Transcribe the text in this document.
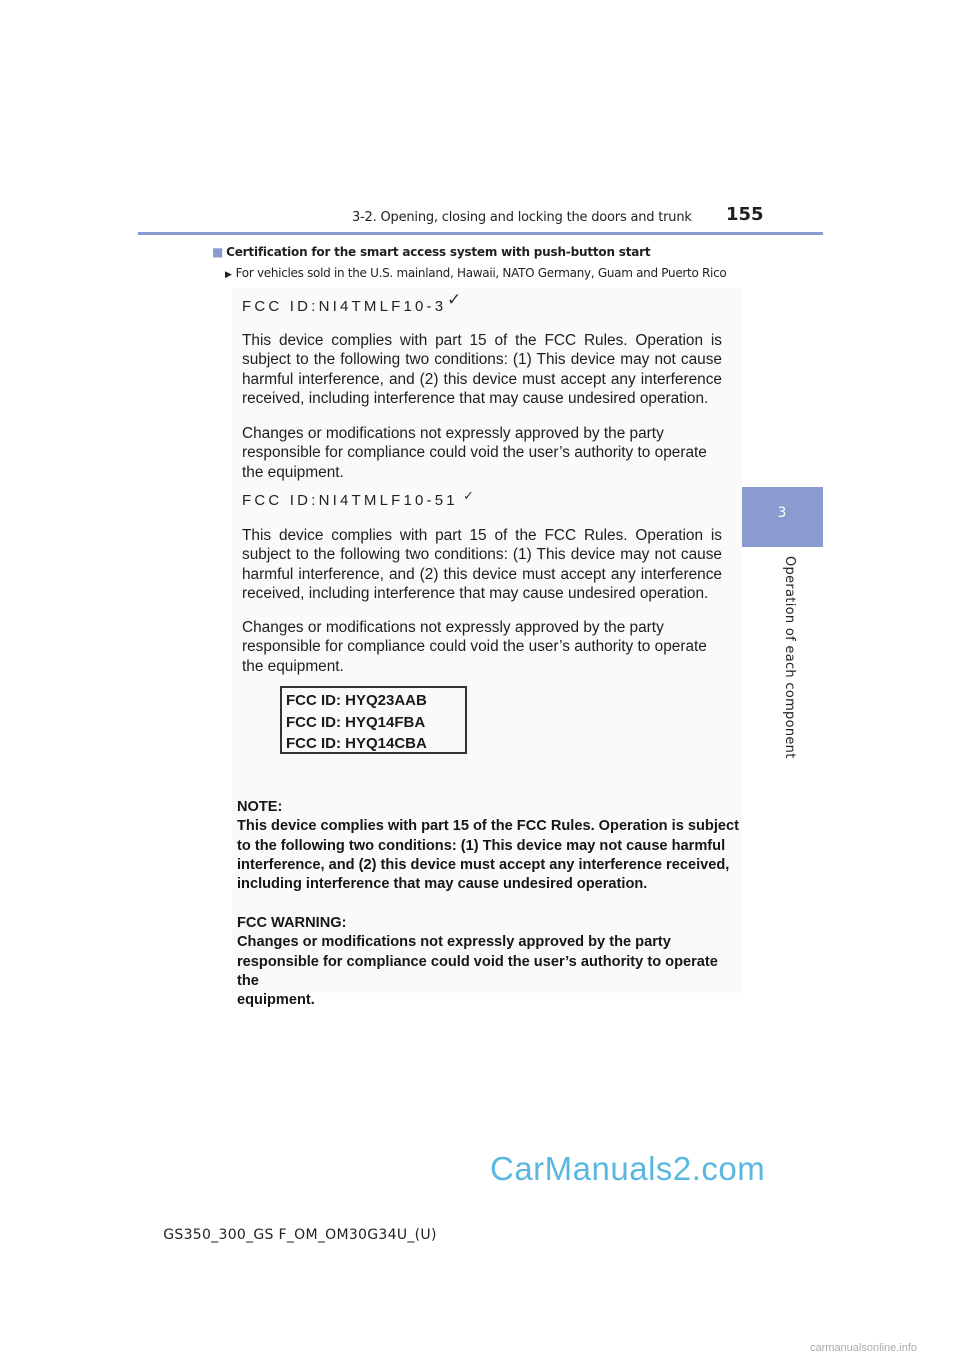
3-2. Opening, closing and locking the doors and trunk 155
3
Operation of each component
■ Certification for the smart access system with push-button start
▶ For vehicles sold in the U.S. mainland, Hawaii, NATO Germany, Guam and Puerto Rico
FCC ID:NI4TMLF10-3 ✓

This device complies with part 15 of the FCC Rules. Operation is

subject to the following two conditions: (1) This device may not cause

harmful interference, and (2) this device must accept any interference

received, including interference that may cause undesired operation.

Changes or modifications not expressly approved by the party

responsible for compliance could void the user’s authority to operate

the equipment.

FCC ID:NI4TMLF10-51 ✓

This device complies with part 15 of the FCC Rules. Operation is

subject to the following two conditions: (1) This device may not cause

harmful interference, and (2) this device must accept any interference

received, including interference that may cause undesired operation.

Changes or modifications not expressly approved by the party

responsible for compliance could void the user’s authority to operate

the equipment.

FCC ID: HYQ23AAB
FCC ID: HYQ14FBA
FCC ID: HYQ14CBA
NOTE:
This device complies with part 15 of the FCC Rules. Operation is subject
to the following two conditions: (1) This device may not cause harmful
interference, and (2) this device must accept any interference received,
including interference that may cause undesired operation.
FCC WARNING:
Changes or modifications not expressly approved by the party
responsible for compliance could void the user’s authority to operate the
equipment.
CarManuals2.com
GS350_300_GS F_OM_OM30G34U_(U)
carmanualsonline.info
